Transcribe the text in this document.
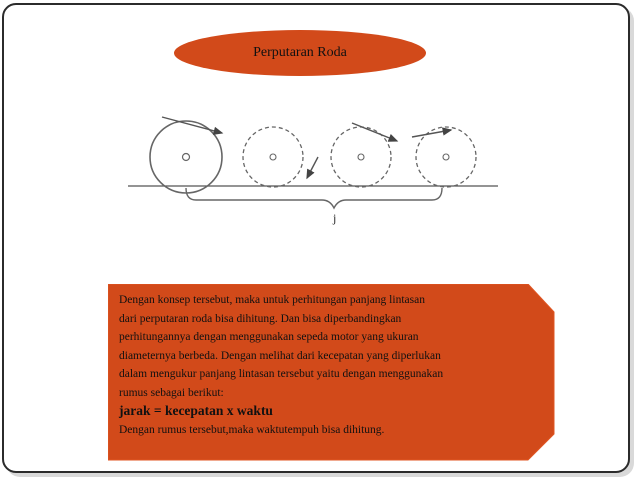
Perputaran Roda
j
Dengan konsep tersebut, maka untuk perhitungan panjang lintasan
dari perputaran roda bisa dihitung. Dan bisa diperbandingkan
perhitungannya dengan menggunakan sepeda motor yang ukuran
diameternya berbeda. Dengan melihat dari kecepatan yang diperlukan
dalam mengukur panjang lintasan tersebut yaitu dengan menggunakan
rumus sebagai berikut:
jarak = kecepatan x waktu
Dengan rumus tersebut,maka waktutempuh bisa dihitung.
